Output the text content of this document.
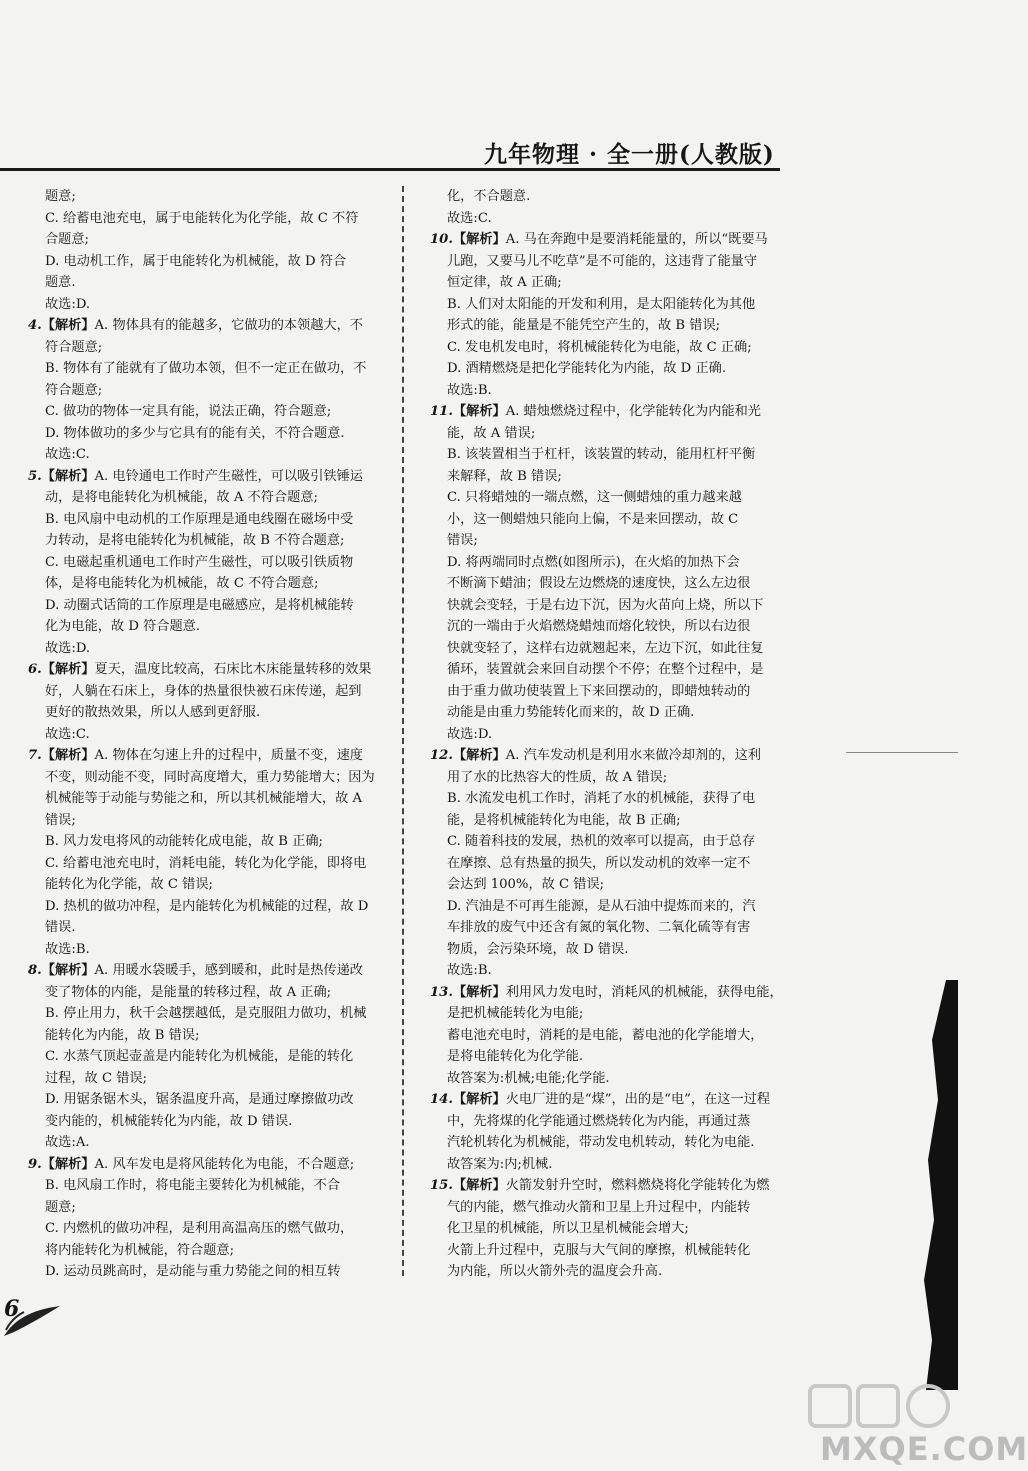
九年物理 · 全一册(人教版)
题意;
C. 给蓄电池充电，属于电能转化为化学能，故 C 不符
合题意;
D. 电动机工作，属于电能转化为机械能，故 D 符合
题意.
故选:D.
4.【解析】A. 物体具有的能越多，它做功的本领越大，不
符合题意;
B. 物体有了能就有了做功本领，但不一定正在做功，不
符合题意;
C. 做功的物体一定具有能，说法正确，符合题意;
D. 物体做功的多少与它具有的能有关，不符合题意.
故选:C.
5.【解析】A. 电铃通电工作时产生磁性，可以吸引铁锤运
动，是将电能转化为机械能，故 A 不符合题意;
B. 电风扇中电动机的工作原理是通电线圈在磁场中受
力转动，是将电能转化为机械能，故 B 不符合题意;
C. 电磁起重机通电工作时产生磁性，可以吸引铁质物
体，是将电能转化为机械能，故 C 不符合题意;
D. 动圈式话筒的工作原理是电磁感应，是将机械能转
化为电能，故 D 符合题意.
故选:D.
6.【解析】夏天，温度比较高，石床比木床能量转移的效果
好，人躺在石床上，身体的热量很快被石床传递，起到
更好的散热效果，所以人感到更舒服.
故选:C.
7.【解析】A. 物体在匀速上升的过程中，质量不变，速度
不变，则动能不变，同时高度增大，重力势能增大；因为
机械能等于动能与势能之和，所以其机械能增大，故 A
错误;
B. 风力发电将风的动能转化成电能，故 B 正确;
C. 给蓄电池充电时，消耗电能，转化为化学能，即将电
能转化为化学能，故 C 错误;
D. 热机的做功冲程，是内能转化为机械能的过程，故 D
错误.
故选:B.
8.【解析】A. 用暖水袋暖手，感到暖和，此时是热传递改
变了物体的内能，是能量的转移过程，故 A 正确;
B. 停止用力，秋千会越摆越低，是克服阻力做功，机械
能转化为内能，故 B 错误;
C. 水蒸气顶起壶盖是内能转化为机械能，是能的转化
过程，故 C 错误;
D. 用锯条锯木头，锯条温度升高，是通过摩擦做功改
变内能的，机械能转化为内能，故 D 错误.
故选:A.
9.【解析】A. 风车发电是将风能转化为电能，不合题意;
B. 电风扇工作时，将电能主要转化为机械能，不合
题意;
C. 内燃机的做功冲程，是利用高温高压的燃气做功，
将内能转化为机械能，符合题意;
D. 运动员跳高时，是动能与重力势能之间的相互转
化，不合题意.
故选:C.
10.【解析】A. 马在奔跑中是要消耗能量的，所以“既要马
儿跑，又要马儿不吃草”是不可能的，这违背了能量守
恒定律，故 A 正确;
B. 人们对太阳能的开发和利用，是太阳能转化为其他
形式的能，能量是不能凭空产生的，故 B 错误;
C. 发电机发电时，将机械能转化为电能，故 C 正确;
D. 酒精燃烧是把化学能转化为内能，故 D 正确.
故选:B.
11.【解析】A. 蜡烛燃烧过程中，化学能转化为内能和光
能，故 A 错误;
B. 该装置相当于杠杆，该装置的转动，能用杠杆平衡
来解释，故 B 错误;
C. 只将蜡烛的一端点燃，这一侧蜡烛的重力越来越
小，这一侧蜡烛只能向上偏，不是来回摆动，故 C
错误;
D. 将两端同时点燃(如图所示)，在火焰的加热下会
不断滴下蜡油；假设左边燃烧的速度快，这么左边很
快就会变轻，于是右边下沉，因为火苗向上烧，所以下
沉的一端由于火焰燃烧蜡烛而熔化较快，所以右边很
快就变轻了，这样右边就翘起来，左边下沉，如此往复
循环，装置就会来回自动摆个不停；在整个过程中，是
由于重力做功使装置上下来回摆动的，即蜡烛转动的
动能是由重力势能转化而来的，故 D 正确.
故选:D.
12.【解析】A. 汽车发动机是利用水来做冷却剂的，这利
用了水的比热容大的性质，故 A 错误;
B. 水流发电机工作时，消耗了水的机械能，获得了电
能，是将机械能转化为电能，故 B 正确;
C. 随着科技的发展，热机的效率可以提高，由于总存
在摩擦、总有热量的损失，所以发动机的效率一定不
会达到 100%，故 C 错误;
D. 汽油是不可再生能源，是从石油中提炼而来的，汽
车排放的废气中还含有氮的氧化物、二氧化硫等有害
物质，会污染环境，故 D 错误.
故选:B.
13.【解析】利用风力发电时，消耗风的机械能，获得电能，
是把机械能转化为电能;
蓄电池充电时，消耗的是电能，蓄电池的化学能增大，
是将电能转化为化学能.
故答案为:机械;电能;化学能.
14.【解析】火电厂进的是“煤”，出的是“电”，在这一过程
中，先将煤的化学能通过燃烧转化为内能，再通过蒸
汽轮机转化为机械能，带动发电机转动，转化为电能.
故答案为:内;机械.
15.【解析】火箭发射升空时，燃料燃烧将化学能转化为燃
气的内能，燃气推动火箭和卫星上升过程中，内能转
化卫星的机械能，所以卫星机械能会增大;
火箭上升过程中，克服与大气间的摩擦，机械能转化
为内能，所以火箭外壳的温度会升高.
6
MXQE.COM
